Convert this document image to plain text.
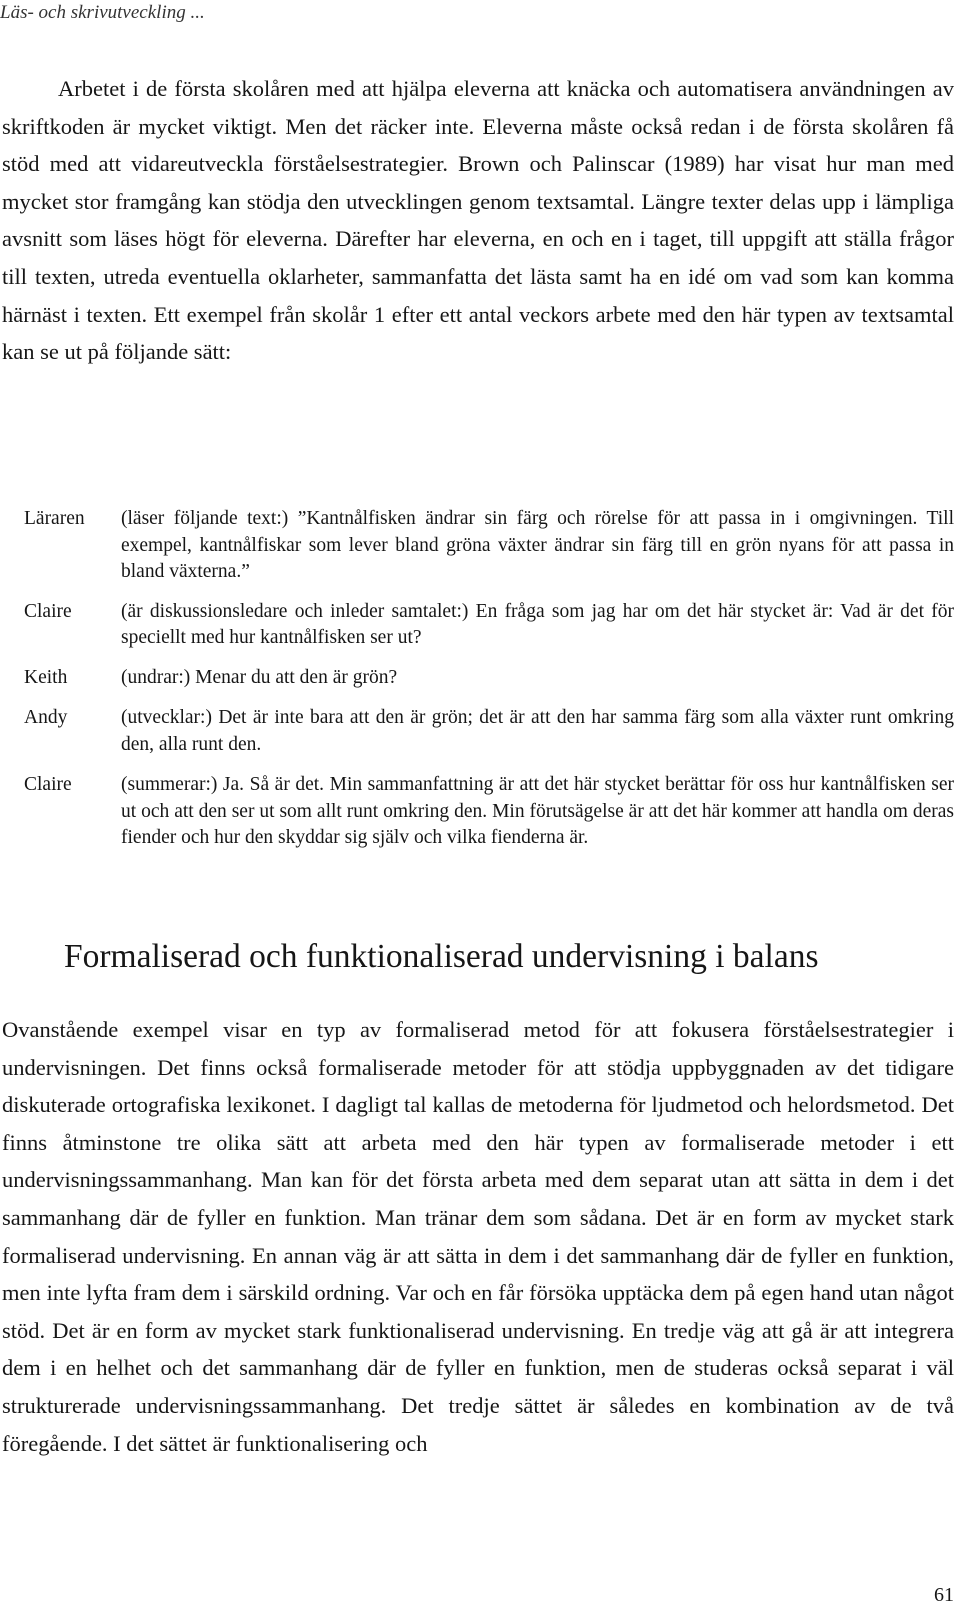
Läs- och skrivutveckling ...

Arbetet i de första skolåren med att hjälpa eleverna att knäcka och automatisera användningen av skriftkoden är mycket viktigt. Men det räcker inte. Eleverna måste också redan i de första skolåren få stöd med att vidareutveckla förståelsestrategier. Brown och Palinscar (1989) har visat hur man med mycket stor framgång kan stödja den utvecklingen genom textsamtal. Längre texter delas upp i lämpliga avsnitt som läses högt för eleverna. Därefter har eleverna, en och en i taget, till uppgift att ställa frågor till texten, utreda eventuella oklarheter, sammanfatta det lästa samt ha en idé om vad som kan komma härnäst i texten. Ett exempel från skolår 1 efter ett antal veckors arbete med den här typen av textsamtal kan se ut på följande sätt:

Läraren	(läser följande text:) ”Kantnålfisken ändrar sin färg och rörelse för att passa in i omgivningen. Till exempel, kantnålfiskar som lever bland gröna växter ändrar sin färg till en grön nyans för att passa in bland växterna.”
Claire	(är diskussionsledare och inleder samtalet:) En fråga som jag har om det här stycket är: Vad är det för speciellt med hur kantnålfisken ser ut?
Keith	(undrar:) Menar du att den är grön?
Andy	(utvecklar:) Det är inte bara att den är grön; det är att den har samma färg som alla växter runt omkring den, alla runt den.
Claire	(summerar:) Ja. Så är det. Min sammanfattning är att det här stycket berättar för oss hur kantnålfisken ser ut och att den ser ut som allt runt omkring den. Min förutsägelse är att det här kommer att handla om deras fiender och hur den skyddar sig själv och vilka fienderna är.
Formaliserad och funktionaliserad undervisning i balans

Ovanstående exempel visar en typ av formaliserad metod för att fokusera förståelsestrategier i undervisningen. Det finns också formaliserade metoder för att stödja uppbyggnaden av det tidigare diskuterade ortografiska lexikonet. I dagligt tal kallas de metoderna för ljudmetod och helordsmetod. Det finns åtminstone tre olika sätt att arbeta med den här typen av formaliserade metoder i ett undervisningssammanhang. Man kan för det första arbeta med dem separat utan att sätta in dem i det sammanhang där de fyller en funktion. Man tränar dem som sådana. Det är en form av mycket stark formaliserad undervisning. En annan väg är att sätta in dem i det sammanhang där de fyller en funktion, men inte lyfta fram dem i särskild ordning. Var och en får försöka upptäcka dem på egen hand utan något stöd. Det är en form av mycket stark funktionaliserad undervisning. En tredje väg att gå är att integrera dem i en helhet och det sammanhang där de fyller en funktion, men de studeras också separat i väl strukturerade undervisningssammanhang. Det tredje sättet är således en kombination av de två föregående. I det sättet är funktionalisering och

61
